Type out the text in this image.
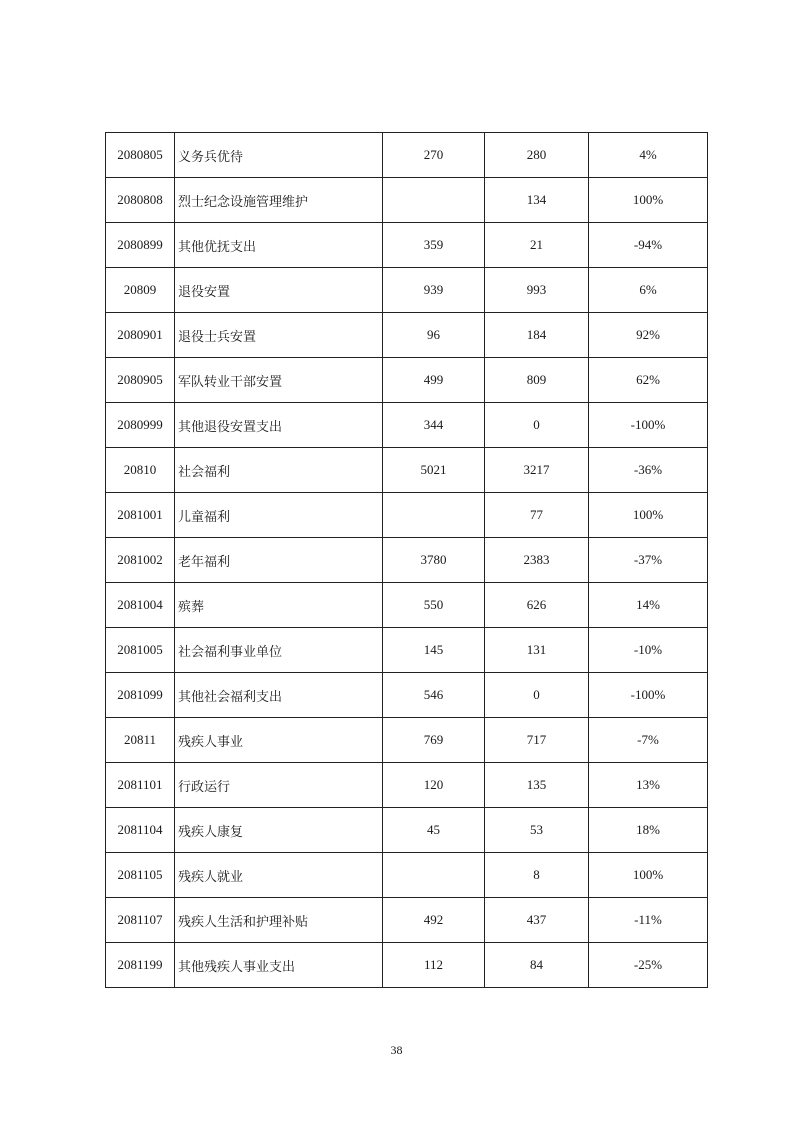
2080805	义务兵优待	270	280	4%
2080808	烈士纪念设施管理维护		134	100%
2080899	其他优抚支出	359	21	-94%
20809	退役安置	939	993	6%
2080901	退役士兵安置	96	184	92%
2080905	军队转业干部安置	499	809	62%
2080999	其他退役安置支出	344	0	-100%
20810	社会福利	5021	3217	-36%
2081001	儿童福利		77	100%
2081002	老年福利	3780	2383	-37%
2081004	殡葬	550	626	14%
2081005	社会福利事业单位	145	131	-10%
2081099	其他社会福利支出	546	0	-100%
20811	残疾人事业	769	717	-7%
2081101	行政运行	120	135	13%
2081104	残疾人康复	45	53	18%
2081105	残疾人就业		8	100%
2081107	残疾人生活和护理补贴	492	437	-11%
2081199	其他残疾人事业支出	112	84	-25%
38
